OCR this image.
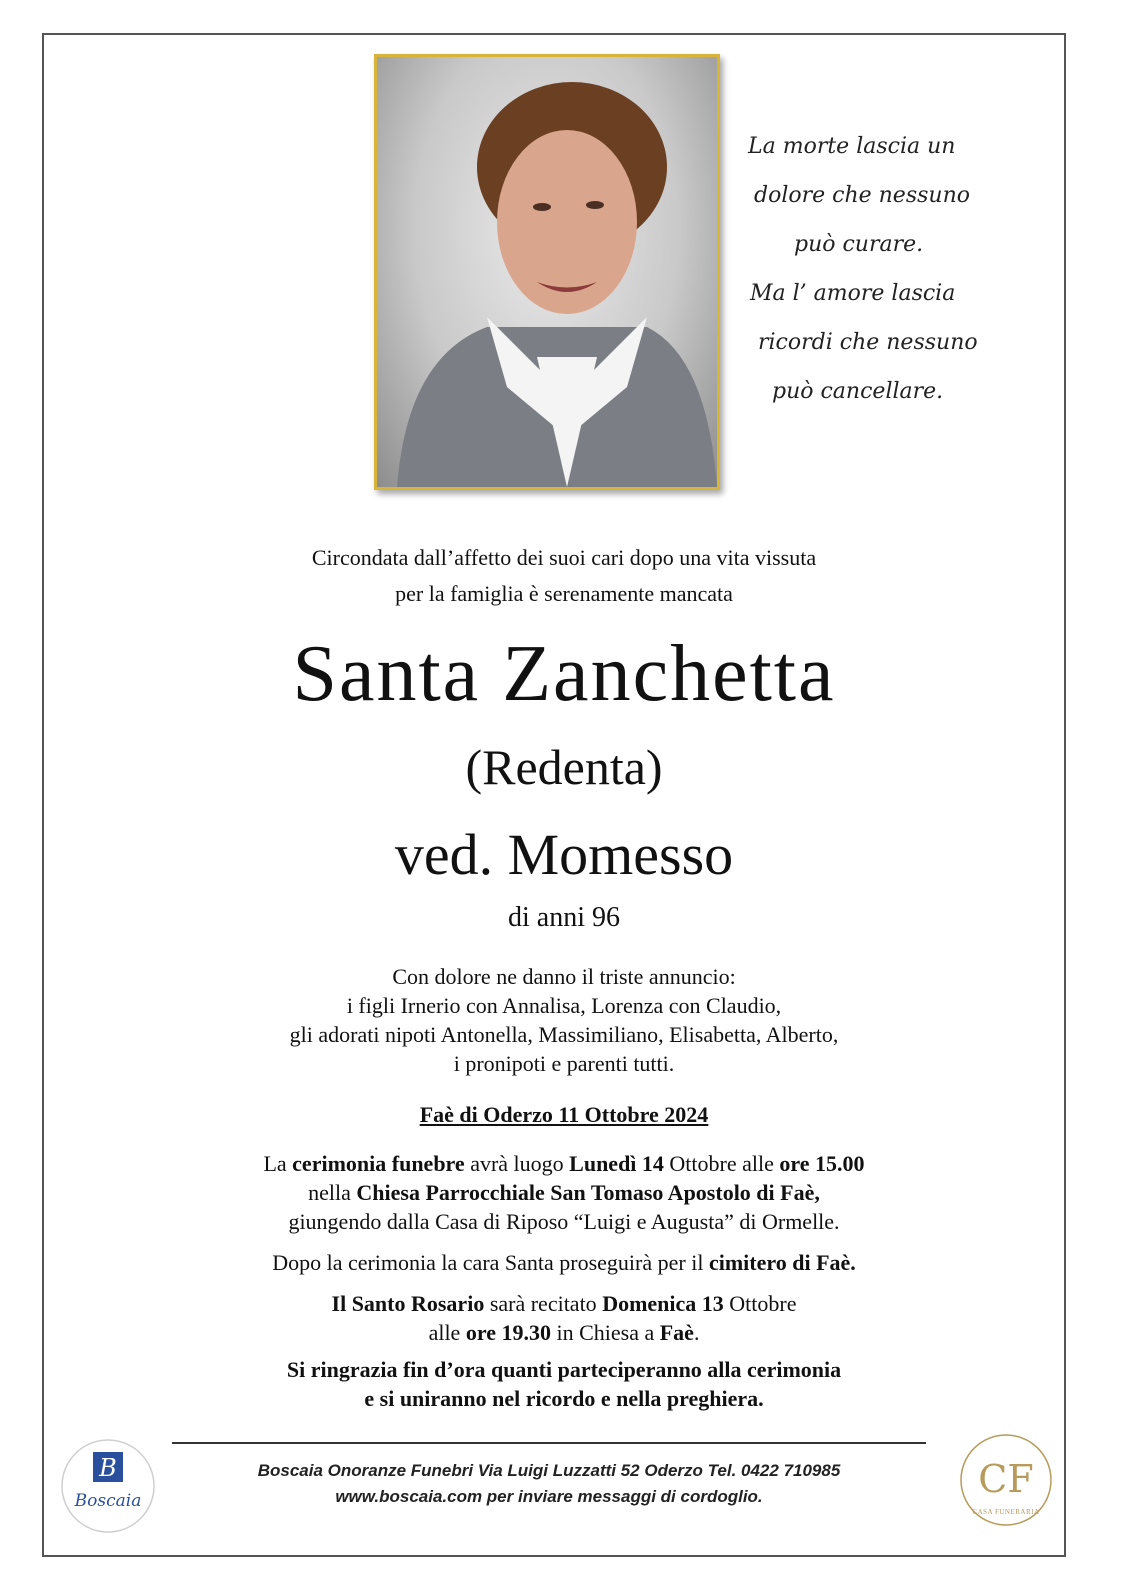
La morte lascia un
dolore che nessuno
può curare.
Ma l’ amore lascia
ricordi che nessuno
può cancellare.
Circondata dall’affetto dei suoi cari dopo una vita vissuta
per la famiglia è serenamente mancata
Santa Zanchetta
(Redenta)
ved. Momesso
di anni 96
Con dolore ne danno il triste annuncio:
i figli Irnerio con Annalisa, Lorenza con Claudio,
gli adorati nipoti Antonella, Massimiliano, Elisabetta, Alberto,
i pronipoti e parenti tutti.
Faè di Oderzo 11 Ottobre 2024
La cerimonia funebre avrà luogo Lunedì 14 Ottobre alle ore 15.00
nella Chiesa Parrocchiale San Tomaso Apostolo di Faè,
giungendo dalla Casa di Riposo “Luigi e Augusta” di Ormelle.
Dopo la cerimonia la cara Santa proseguirà per il cimitero di Faè.
Il Santo Rosario sarà recitato Domenica 13 Ottobre
alle ore 19.30 in Chiesa a Faè.
Si ringrazia fin d’ora quanti parteciperanno alla cerimonia
e si uniranno nel ricordo e nella preghiera.
B
Boscaia
Boscaia Onoranze Funebri Via Luigi Luzzatti 52 Oderzo Tel. 0422 710985
www.boscaia.com per inviare messaggi di cordoglio.	CF
CASA FUNERARIA
